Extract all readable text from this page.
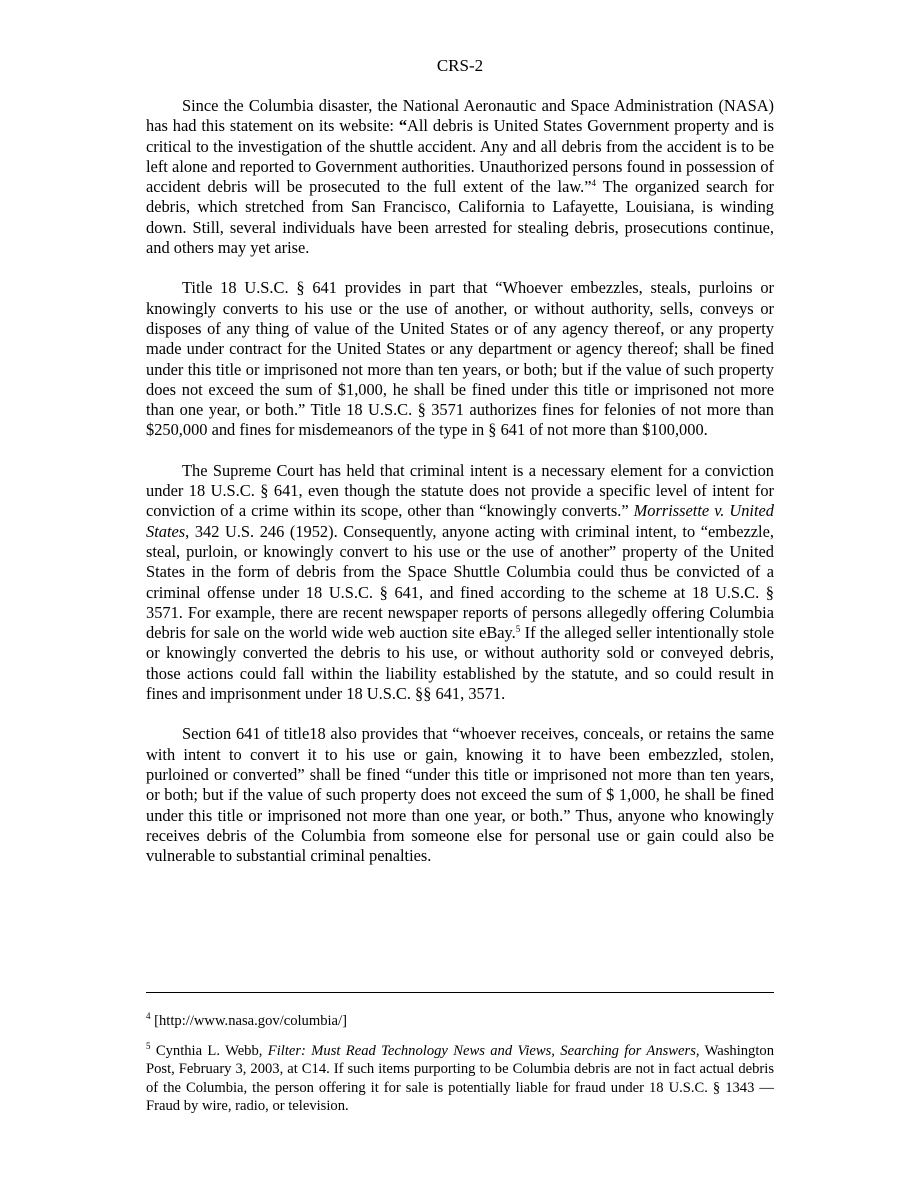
CRS-2

Since the Columbia disaster, the National Aeronautic and Space Administration (NASA) has had this statement on its website: “All debris is United States Government property and is critical to the investigation of the shuttle accident. Any and all debris from the accident is to be left alone and reported to Government authorities. Unauthorized persons found in possession of accident debris will be prosecuted to the full extent of the law.”$^4$ The organized search for debris, which stretched from San Francisco, California to Lafayette, Louisiana, is winding down. Still, several individuals have been arrested for stealing debris, prosecutions continue, and others may yet arise.

Title 18 U.S.C. § 641 provides in part that “Whoever embezzles, steals, purloins or knowingly converts to his use or the use of another, or without authority, sells, conveys or disposes of any thing of value of the United States or of any agency thereof, or any property made under contract for the United States or any department or agency thereof; shall be fined under this title or imprisoned not more than ten years, or both; but if the value of such property does not exceed the sum of $1,000, he shall be fined under this title or imprisoned not more than one year, or both.” Title 18 U.S.C. § 3571 authorizes fines for felonies of not more than $250,000 and fines for misdemeanors of the type in § 641 of not more than $100,000.

The Supreme Court has held that criminal intent is a necessary element for a conviction under 18 U.S.C. § 641, even though the statute does not provide a specific level of intent for conviction of a crime within its scope, other than “knowingly converts.” Morrissette v. United States, 342 U.S. 246 (1952). Consequently, anyone acting with criminal intent, to “embezzle, steal, purloin, or knowingly convert to his use or the use of another” property of the United States in the form of debris from the Space Shuttle Columbia could thus be convicted of a criminal offense under 18 U.S.C. § 641, and fined according to the scheme at 18 U.S.C. § 3571. For example, there are recent newspaper reports of persons allegedly offering Columbia debris for sale on the world wide web auction site eBay.$^5$ If the alleged seller intentionally stole or knowingly converted the debris to his use, or without authority sold or conveyed debris, those actions could fall within the liability established by the statute, and so could result in fines and imprisonment under 18 U.S.C. §§ 641, 3571.

Section 641 of title18 also provides that “whoever receives, conceals, or retains the same with intent to convert it to his use or gain, knowing it to have been embezzled, stolen, purloined or converted” shall be fined “under this title or imprisoned not more than ten years, or both; but if the value of such property does not exceed the sum of $ 1,000, he shall be fined under this title or imprisoned not more than one year, or both.” Thus, anyone who knowingly receives debris of the Columbia from someone else for personal use or gain could also be vulnerable to substantial criminal penalties.

$^4$ [http://www.nasa.gov/columbia/]

$^5$ Cynthia L. Webb, Filter: Must Read Technology News and Views, Searching for Answers, Washington Post, February 3, 2003, at C14. If such items purporting to be Columbia debris are not in fact actual debris of the Columbia, the person offering it for sale is potentially liable for fraud under 18 U.S.C. § 1343 — Fraud by wire, radio, or television.
